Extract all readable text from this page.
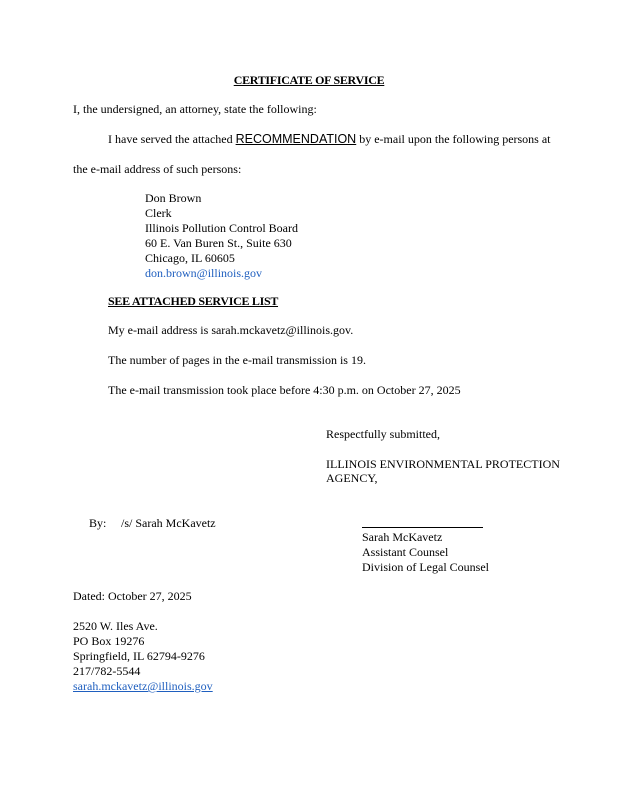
CERTIFICATE OF SERVICE
I, the undersigned, an attorney, state the following:
I have served the attached RECOMMENDATION by e-mail upon the following persons at
the e-mail address of such persons:
Don Brown
Clerk
Illinois Pollution Control Board
60 E. Van Buren St., Suite 630
Chicago, IL 60605
don.brown@illinois.gov
SEE ATTACHED SERVICE LIST
My e-mail address is sarah.mckavetz@illinois.gov.
The number of pages in the e-mail transmission is 19.
The e-mail transmission took place before 4:30 p.m. on October 27, 2025
Respectfully submitted,
ILLINOIS ENVIRONMENTAL PROTECTION
AGENCY,
By: /s/ Sarah McKavetz
Sarah McKavetz
Assistant Counsel
Division of Legal Counsel
Dated: October 27, 2025
2520 W. Iles Ave.
PO Box 19276
Springfield, IL 62794-9276
217/782-5544
sarah.mckavetz@illinois.gov
